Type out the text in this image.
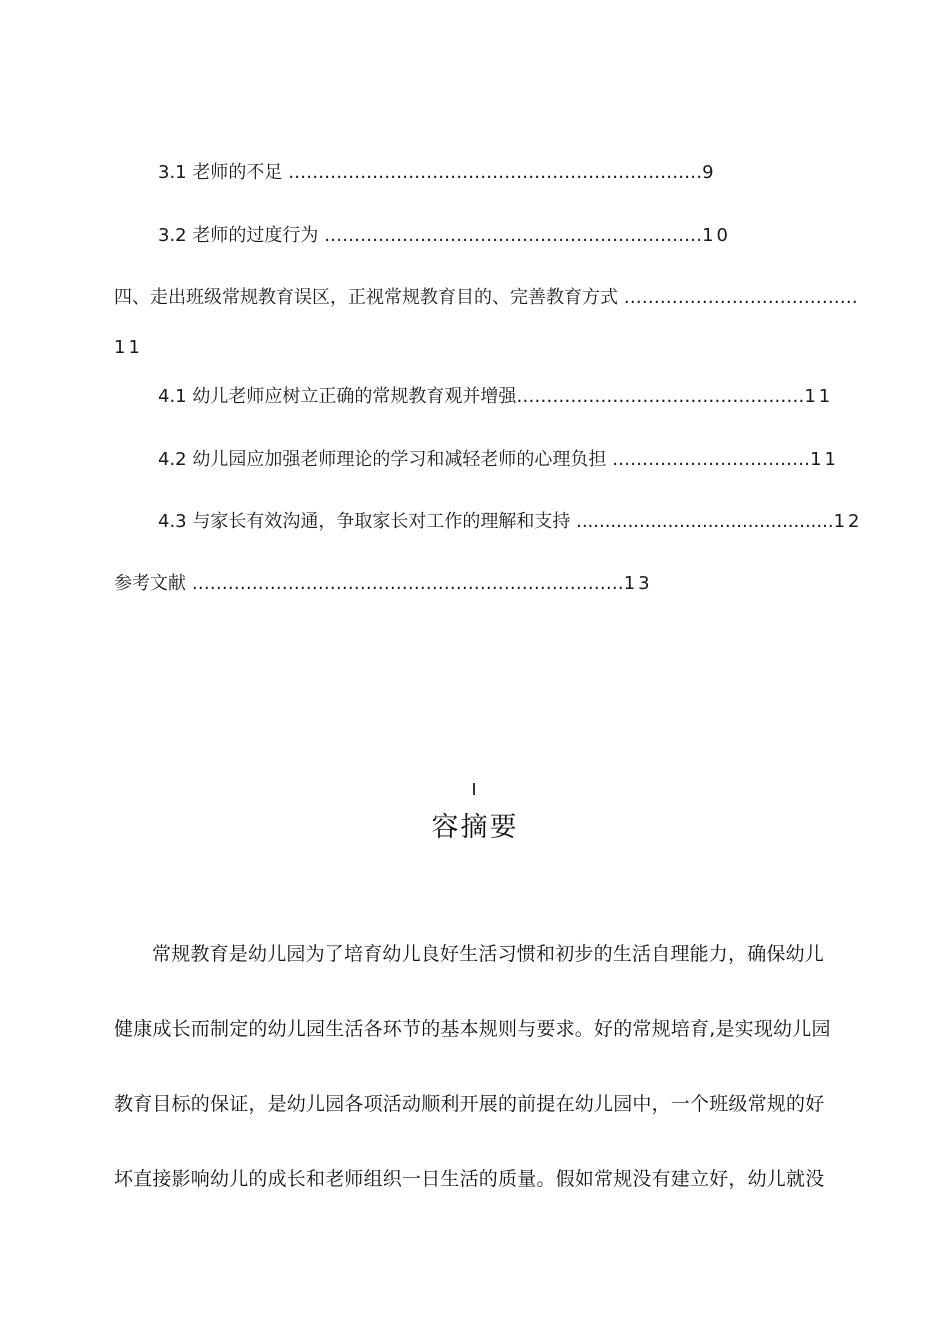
3.1 老师的不足 ……………………………………………………………9
3.2 老师的过度行为 ………………………………………………………10
四、走出班级常规教育误区，正视常规教育目的、完善教育方式 …………………………………
11
4.1 幼儿老师应树立正确的常规教育观并增强…………………………………………11
4.2 幼儿园应加强老师理论的学习和减轻老师的心理负担 ……………………………11
4.3 与家长有效沟通，争取家长对工作的理解和支持 .............................................12
参考文献 ………………………………………………………………13
容摘要
常规教育是幼儿园为了培育幼儿良好生活习惯和初步的生活自理能力，确保幼儿
健康成长而制定的幼儿园生活各环节的基本规则与要求。好的常规培育,是实现幼儿园
教育目标的保证，是幼儿园各项活动顺利开展的前提在幼儿园中，一个班级常规的好
坏直接影响幼儿的成长和老师组织一日生活的质量。假如常规没有建立好，幼儿就没
